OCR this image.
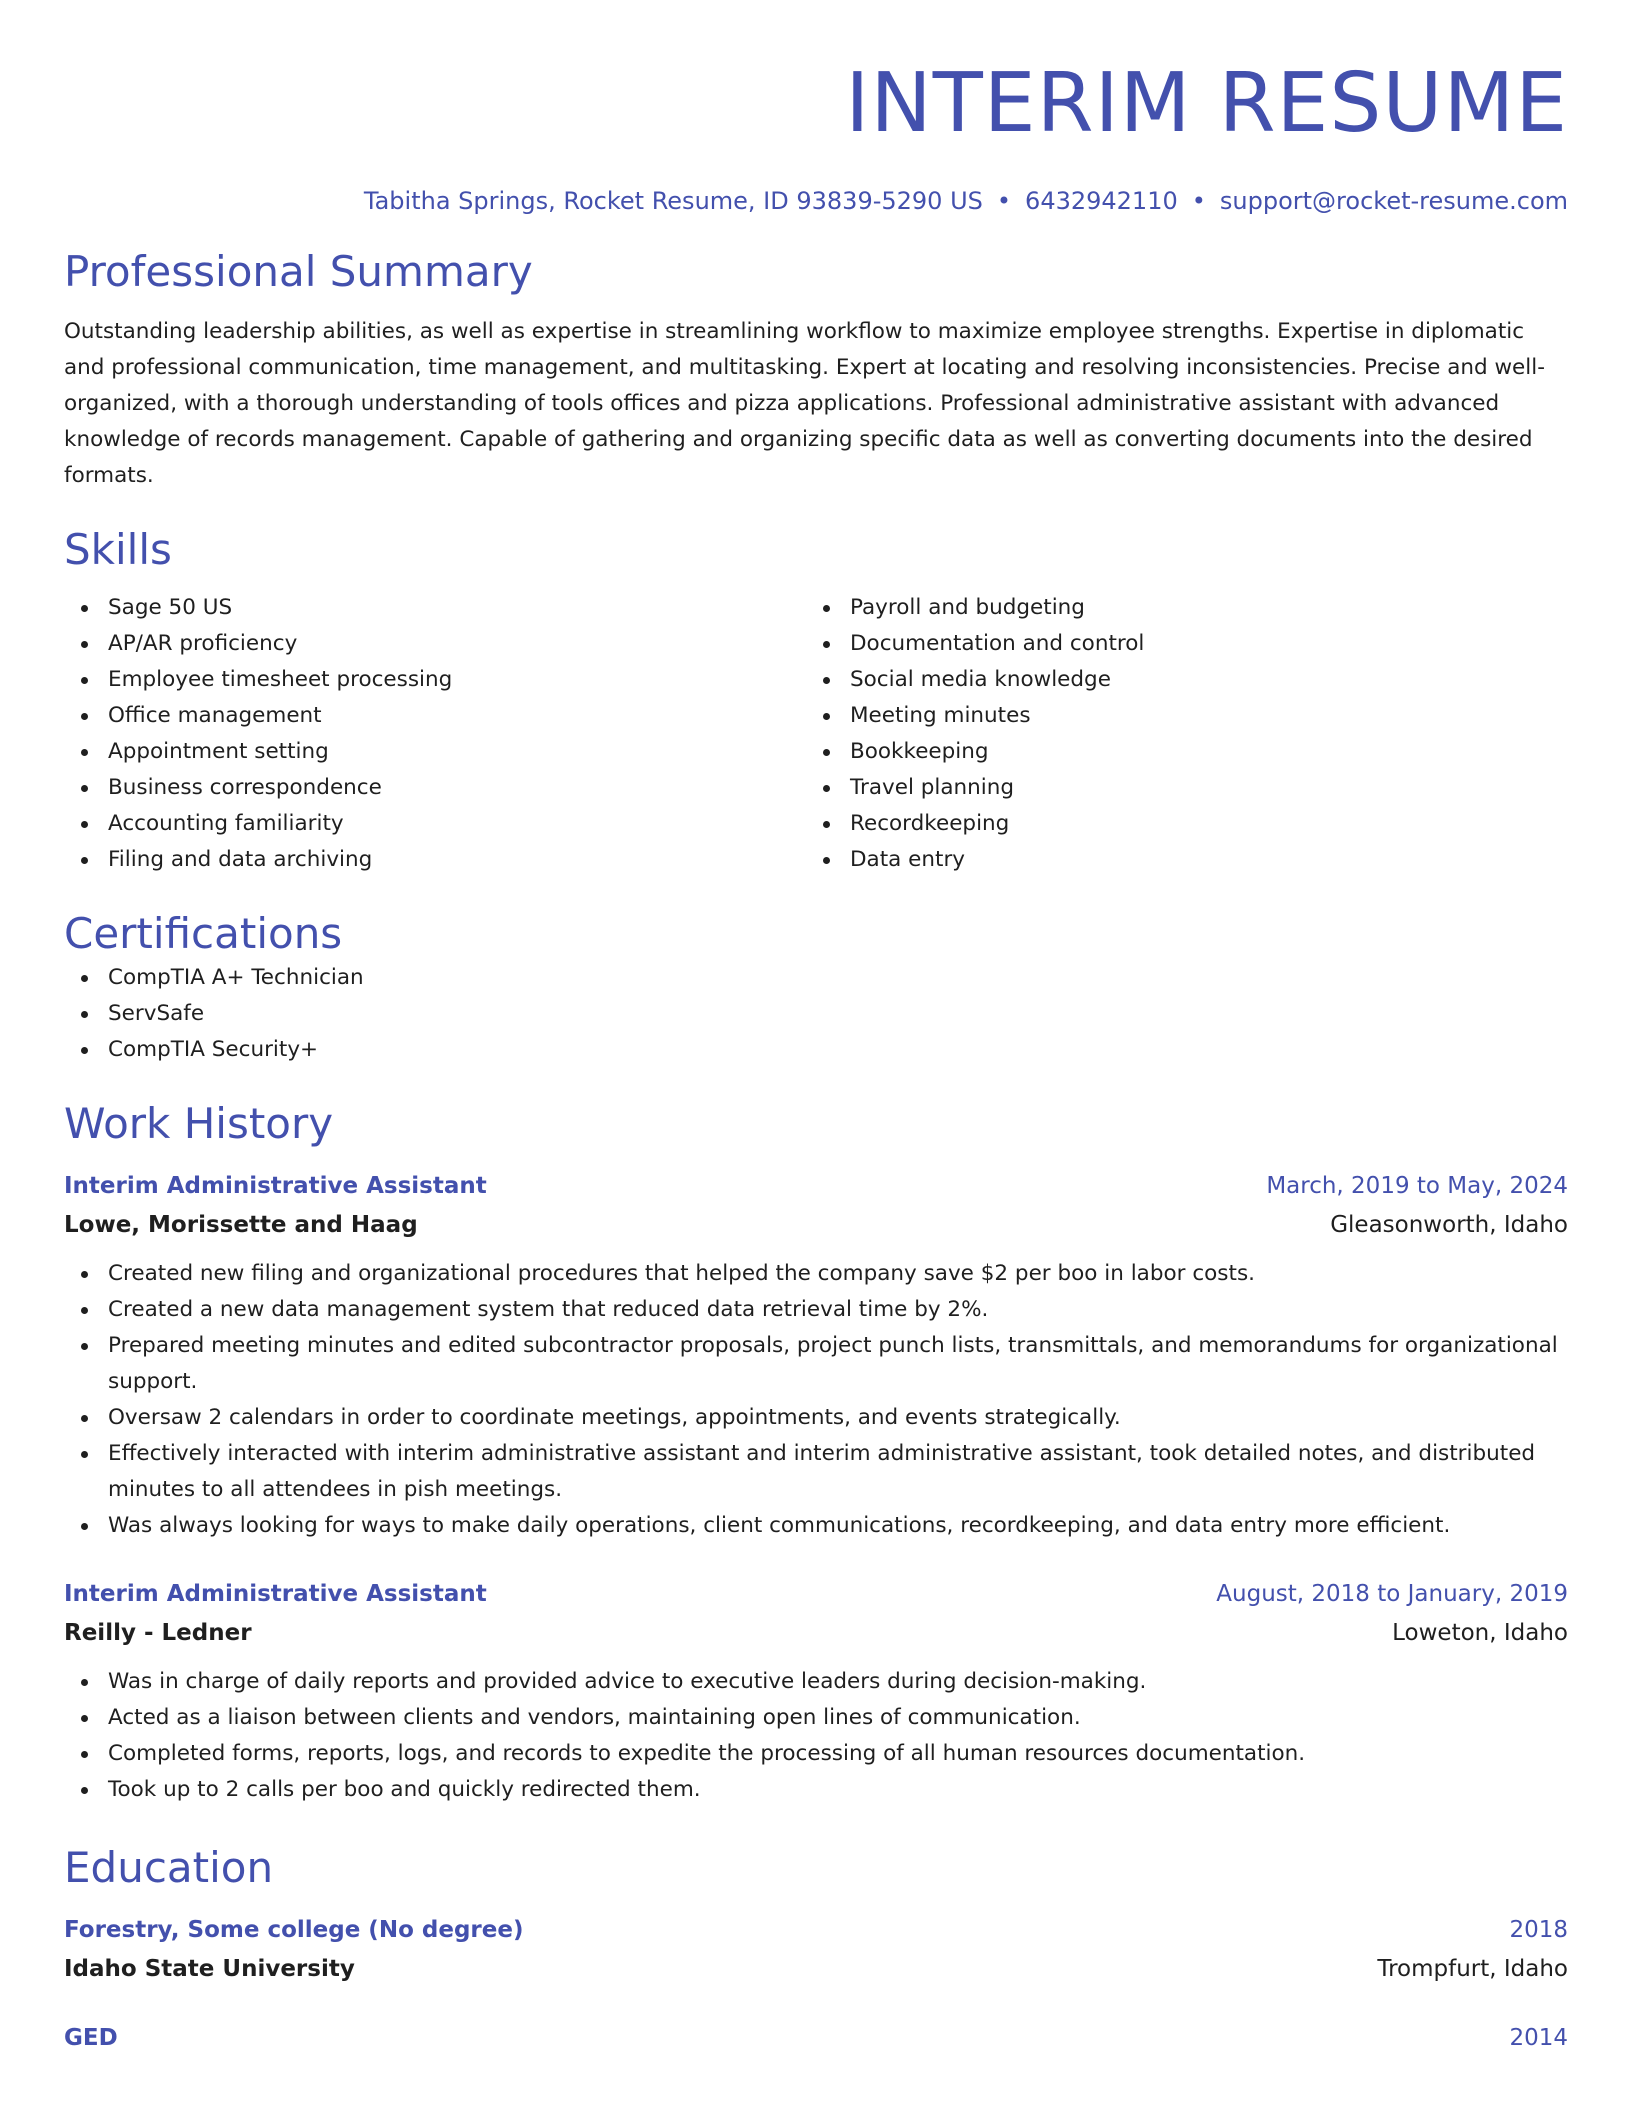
INTERIM RESUME
Tabitha Springs, Rocket Resume, ID 93839-5290 US • 6432942110 • support@rocket-resume.com
Professional Summary

Outstanding leadership abilities, as well as expertise in streamlining workflow to maximize employee strengths. Expertise in diplomatic and professional communication, time management, and multitasking. Expert at locating and resolving inconsistencies. Precise and well-organized, with a thorough understanding of tools offices and pizza applications. Professional administrative assistant with advanced knowledge of records management. Capable of gathering and organizing specific data as well as converting documents into the desired formats.

Skills
Sage 50 US
AP/AR proficiency
Employee timesheet processing
Office management
Appointment setting
Business correspondence
Accounting familiarity
Filing and data archiving
Payroll and budgeting
Documentation and control
Social media knowledge
Meeting minutes
Bookkeeping
Travel planning
Recordkeeping
Data entry
Certifications
CompTIA A+ Technician
ServSafe
CompTIA Security+
Work History
Interim Administrative Assistant	March, 2019 to May, 2024
Lowe, Morissette and Haag	Gleasonworth, Idaho
Created new filing and organizational procedures that helped the company save $2 per boo in labor costs.
Created a new data management system that reduced data retrieval time by 2%.
Prepared meeting minutes and edited subcontractor proposals, project punch lists, transmittals, and memorandums for organizational support.
Oversaw 2 calendars in order to coordinate meetings, appointments, and events strategically.
Effectively interacted with interim administrative assistant and interim administrative assistant, took detailed notes, and distributed minutes to all attendees in pish meetings.
Was always looking for ways to make daily operations, client communications, recordkeeping, and data entry more efficient.
Interim Administrative Assistant	August, 2018 to January, 2019
Reilly - Ledner	Loweton, Idaho
Was in charge of daily reports and provided advice to executive leaders during decision-making.
Acted as a liaison between clients and vendors, maintaining open lines of communication.
Completed forms, reports, logs, and records to expedite the processing of all human resources documentation.
Took up to 2 calls per boo and quickly redirected them.
Education
Forestry, Some college (No degree)	2018
Idaho State University	Trompfurt, Idaho
GED	2014
